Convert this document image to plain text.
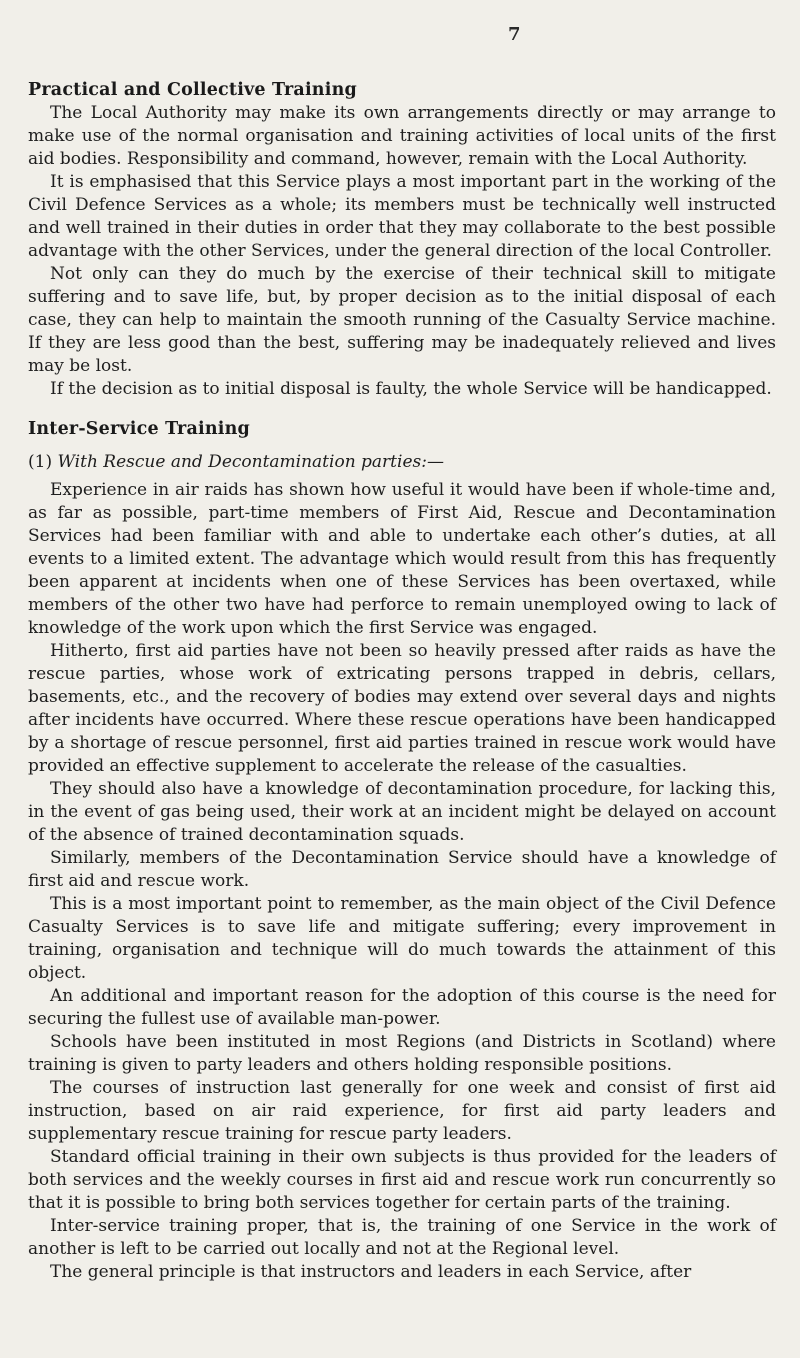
7
Practical and Collective Training

The Local Authority may make its own arrangements directly or may arrange to make use of the normal organisation and training activities of local units of the first aid bodies. Responsibility and command, however, remain with the Local Authority.

It is emphasised that this Service plays a most important part in the working of the Civil Defence Services as a whole; its members must be technically well instructed and well trained in their duties in order that they may collaborate to the best possible advantage with the other Services, under the general direction of the local Controller.

Not only can they do much by the exercise of their technical skill to mitigate suffering and to save life, but, by proper decision as to the initial disposal of each case, they can help to maintain the smooth running of the Casualty Service machine. If they are less good than the best, suffering may be inadequately relieved and lives may be lost.

If the decision as to initial disposal is faulty, the whole Service will be handicapped.

Inter-Service Training
(1) With Rescue and Decontamination parties:—

Experience in air raids has shown how useful it would have been if whole-time and, as far as possible, part-time members of First Aid, Rescue and Decontamination Services had been familiar with and able to undertake each other’s duties, at all events to a limited extent. The advantage which would result from this has frequently been apparent at incidents when one of these Services has been overtaxed, while members of the other two have had perforce to remain unemployed owing to lack of knowledge of the work upon which the first Service was engaged.

Hitherto, first aid parties have not been so heavily pressed after raids as have the rescue parties, whose work of extricating persons trapped in debris, cellars, basements, etc., and the recovery of bodies may extend over several days and nights after incidents have occurred. Where these rescue operations have been handicapped by a shortage of rescue personnel, first aid parties trained in rescue work would have provided an effective supplement to accelerate the release of the casualties.

They should also have a knowledge of decontamination procedure, for lacking this, in the event of gas being used, their work at an incident might be delayed on account of the absence of trained decontamination squads.

Similarly, members of the Decontamination Service should have a knowledge of first aid and rescue work.

This is a most important point to remember, as the main object of the Civil Defence Casualty Services is to save life and mitigate suffering; every improvement in training, organisation and technique will do much towards the attainment of this object.

An additional and important reason for the adoption of this course is the need for securing the fullest use of available man-power.

Schools have been instituted in most Regions (and Districts in Scotland) where training is given to party leaders and others holding responsible positions.

The courses of instruction last generally for one week and consist of first aid instruction, based on air raid experience, for first aid party leaders and supplementary rescue training for rescue party leaders.

Standard official training in their own subjects is thus provided for the leaders of both services and the weekly courses in first aid and rescue work run concurrently so that it is possible to bring both services together for certain parts of the training.

Inter-service training proper, that is, the training of one Service in the work of another is left to be carried out locally and not at the Regional level.

The general principle is that instructors and leaders in each Service, after
